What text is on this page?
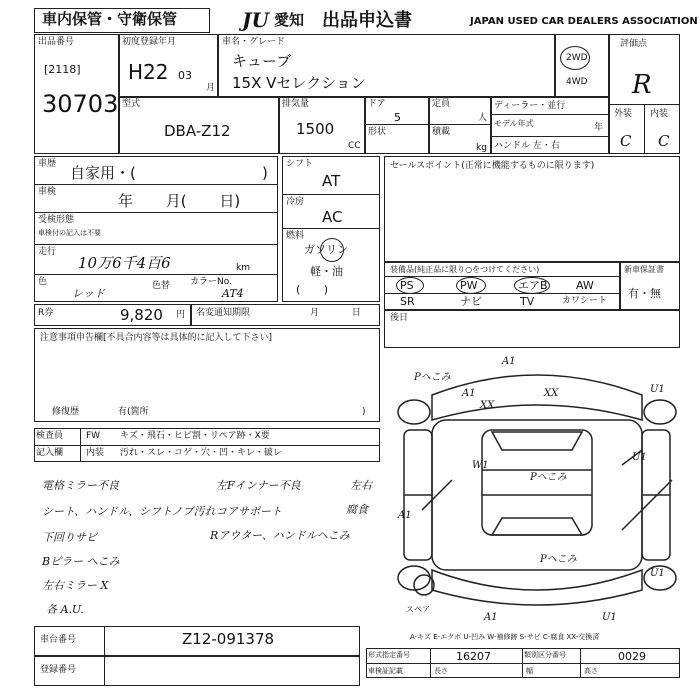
車内保管・守衛保管	JU 愛知 出品申込書	JAPAN USED CAR DEALERS ASSOCIATION
出品番号
[2118]
30703
初度登録年月
H22 03
月
車名・グレード
キューブ
15X Vセレクション
2WD
4WD
評価点
R
外装 内装
C C
型式
DBA-Z12
排気量
1500
CC
ドア
5
形状
定員
人
積載
kg
ディーラー・並行
モデル年式	年
ハンドル 左・右
車歴 自家用・(	)
車検	年 月( 日)
受検形態
車検付の記入は不要
走行
10万6千4百6	km
色
レッド
色替 カラーNo.
AT4
シフト
AT
冷房
AC
燃料
ガソリン
軽・油
( )
セールスポイント(正常に機能するものに限ります)
装備品(純正品に限り○をつけてください)
PS	PW	エアB	AW
SR	ナビ	TV	カワシート
新車保証書
有・無
R券	9,820 円 名変通知期限	月 日	後日
注意事項申告欄[不具合内容等は具体的に記入して下さい]
修復歴	有(箇所	)
検査員
記入欄
FW キズ・飛石・ヒビ割・リペア跡・X要
内装 汚れ・スレ・コゲ・穴・凹・キレ・破レ
電格ミラー不良
シート、ハンドル、シフトノブ汚れ
下回りサビ
Bピラー へこみ
左右ミラー X
各 A.U.
左Fインナー不良
コアサポート
Rアウター、ハンドルヘこみ
左右
腐食
A1
XX
Pヘこみ
U1
W1
U1
A1
A1	U1
Pヘこみ
Pヘこみ
XX
A1
U1
スペア
A-キズ E-エクボ U-凹み W-補修跡 S-サビ C-腐食 XX-交換済
車台番号	Z12-091378
登録番号
形式指定番号	16207	類別区分番号	0029
車検証記載	長さ	幅	高さ
